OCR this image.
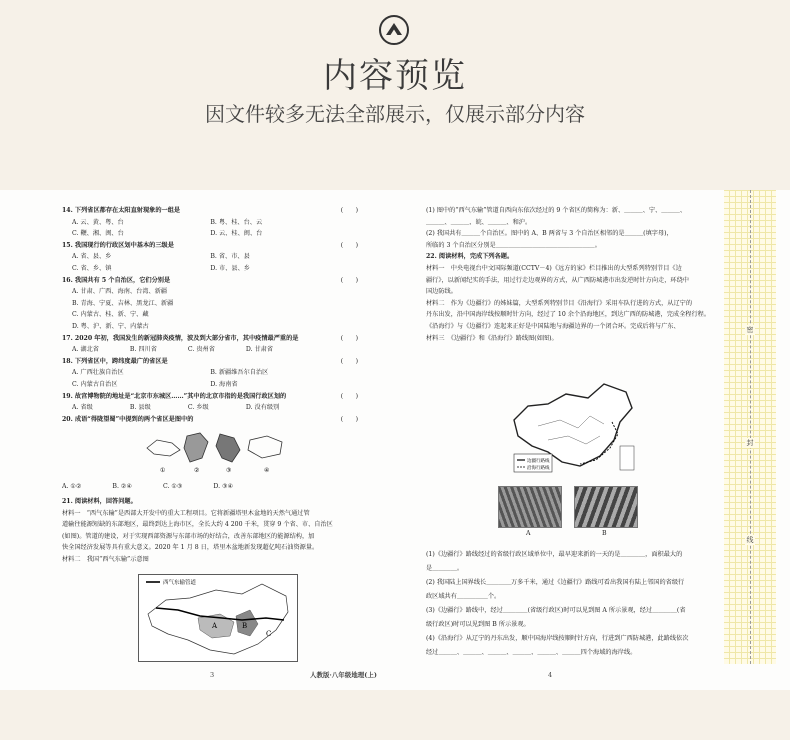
内容预览
因文件较多无法全部展示，仅展示部分内容
14. 下列省区都存在太阳直射现象的一组是	(　　)
A. 云、黄、粤、台　　　　　　　　　　　　　　B. 粤、桂、台、云
C. 鞭、湘、闽、台　　　　　　　　　　　　　　D. 云、桂、闽、台
15. 我国现行的行政区划中基本的三级是	(　　)
A. 省、县、乡　　　　　　　　　　　　　　　　B. 省、市、县
C. 省、乡、镇　　　　　　　　　　　　　　　　D. 市、县、乡
16. 我国共有 5 个自治区，它们分别是	(　　)
A. 甘肃、广西、海南、台湾、新疆
B. 青海、宁夏、吉林、黑龙江、新疆
C. 内蒙古、桂、新、宁、藏
D. 粤、沪、新、宁、内蒙古
17. 2020 年初，我国发生的新冠肺炎疫情，波及到大部分省市，其中疫情最严重的是	(　　)
A. 湖北省　　　　　B. 四川省　　　　　C. 贵州省　　　　　D. 甘肃省
18. 下列省区中，跨纬度最广的省区是	(　　)
A. 广西壮族自治区　　　　　　　　　　　　　　B. 新疆维吾尔自治区
C. 内蒙古自治区　　　　　　　　　　　　　　　D. 海南省
19. 故宫博物院的地址是“北京市东城区……”其中的北京市指的是我国行政区划的	(　　)
A. 省级　　　　　　B. 县级　　　　　　C. 乡级　　　　　　D. 没有级别
20. 成语“得陇望蜀”中提到的两个省区是图中的	(　　)
①	②	③	④
A. ①②　　　　　B. ②④　　　　　C. ①③　　　　　D. ③④
21. 阅读材料，回答问题。
材料一　“西气东输”是西部大开发中的重大工程项目。它将新疆塔里木盆地的天然气通过管
道输往能源短缺的东部地区，最终到达上海市区，全长大约 4 200 千米，贯穿 9 个省、市、自治区
(如图)。管道的建设，对于实现西部资源与东部市场的好结合，改善东部地区的能源结构，加
快全国经济发展等具有重大意义。2020 年 1 月 8 日，塔里木盆地新发现超亿吨石油资源量。
材料二　我国“西气东输”示意图
西气东输管道
A	B
C
3
(1) 图中的“西气东输”管道自西向东依次经过的 9 个省区的简称为：新、＿＿＿、宁、＿＿＿、
＿＿＿、＿＿＿、皖、＿＿＿、和沪。
(2) 我国共有＿＿＿个自治区。图中的 A、B 两省与 3 个自治区相邻的是＿＿＿(填字母)，
所临的 3 个自治区分别是＿＿＿＿＿＿＿＿＿＿＿＿＿＿＿＿。
22. 阅读材料，完成下列各题。
材料一　中央电视台中文国际频道(CCTV－4)《远方的家》栏目推出的大型系列特别节目《边
疆行》，以新闻纪实的手法，用过行走边观界的方式，从广西防城港市出发逆时针方向走，环绕中
国边防线。
材料二　作为《边疆行》的姊妹篇，大型系列特别节目《沿海行》采用车队行进的方式，从辽宁的
丹东出发，沿中国海岸线按顺时针方向，经过了 10 余个沿海地区，到达广西的防城港，完成全程行程。
《沿海行》与《边疆行》连起来正好是中国陆地与海疆边界的一个闭合环。完成后将与广东、
材料三　《边疆行》和《沿海行》路线图(如图)。
边疆行路线
沿海行路线
A	B
(1)《边疆行》路线经过的省级行政区域单位中，最早迎来新的一天的是＿＿＿＿，面积最大的
是＿＿＿＿。
(2) 我国陆上国界线长＿＿＿＿万多千米，通过《边疆行》路线可看出我国有陆上邻国的省级行
政区域共有＿＿＿＿＿个。
(3)《边疆行》路线中，经过＿＿＿＿(省级行政区)时可以见到图 A 所示景观，经过＿＿＿＿(省
级行政区)时可以见到图 B 所示景观。
(4)《沿海行》从辽宁的丹东出发，顺中国海岸线按顺时针方向，行进到广西防城港，此路线依次
经过＿＿＿、＿＿＿、＿＿＿、＿＿＿、＿＿＿、＿＿＿四个海域的海岸线。
4
人教版·八年级地理(上)
密
封
线
